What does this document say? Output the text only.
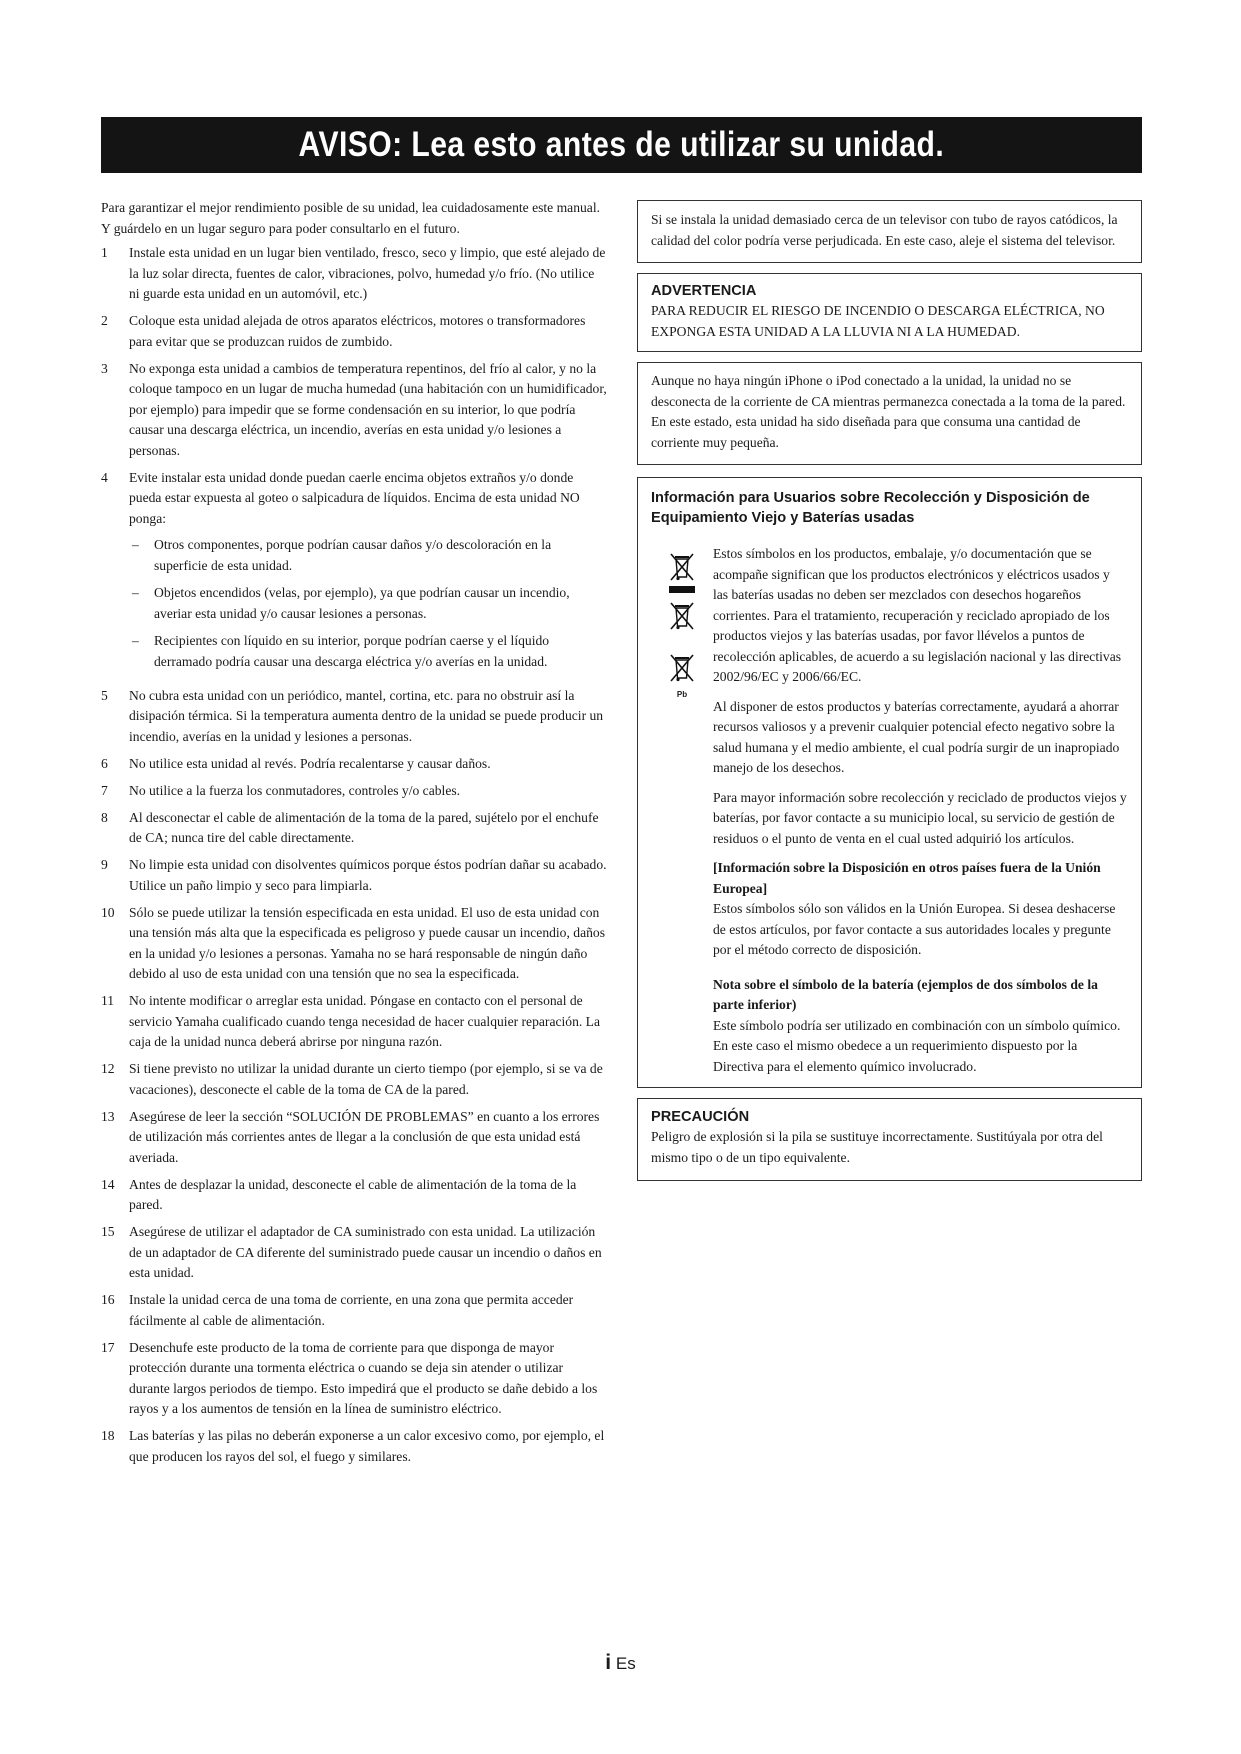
AVISO: Lea esto antes de utilizar su unidad.

Para garantizar el mejor rendimiento posible de su unidad, lea cuidadosamente este manual. Y guárdelo en un lugar seguro para poder consultarlo en el futuro.

1	Instale esta unidad en un lugar bien ventilado, fresco, seco y limpio, que esté alejado de la luz solar directa, fuentes de calor, vibraciones, polvo, humedad y/o frío. (No utilice ni guarde esta unidad en un automóvil, etc.)
2	Coloque esta unidad alejada de otros aparatos eléctricos, motores o transformadores para evitar que se produzcan ruidos de zumbido.
3	No exponga esta unidad a cambios de temperatura repentinos, del frío al calor, y no la coloque tampoco en un lugar de mucha humedad (una habitación con un humidificador, por ejemplo) para impedir que se forme condensación en su interior, lo que podría causar una descarga eléctrica, un incendio, averías en esta unidad y/o lesiones a personas.
4	Evite instalar esta unidad donde puedan caerle encima objetos extraños y/o donde pueda estar expuesta al goteo o salpicadura de líquidos. Encima de esta unidad NO ponga:
–	Otros componentes, porque podrían causar daños y/o descoloración en la superficie de esta unidad.
–	Objetos encendidos (velas, por ejemplo), ya que podrían causar un incendio, averiar esta unidad y/o causar lesiones a personas.
–	Recipientes con líquido en su interior, porque podrían caerse y el líquido derramado podría causar una descarga eléctrica y/o averías en la unidad.
5	No cubra esta unidad con un periódico, mantel, cortina, etc. para no obstruir así la disipación térmica. Si la temperatura aumenta dentro de la unidad se puede producir un incendio, averías en la unidad y lesiones a personas.
6	No utilice esta unidad al revés. Podría recalentarse y causar daños.
7	No utilice a la fuerza los conmutadores, controles y/o cables.
8	Al desconectar el cable de alimentación de la toma de la pared, sujételo por el enchufe de CA; nunca tire del cable directamente.
9	No limpie esta unidad con disolventes químicos porque éstos podrían dañar su acabado. Utilice un paño limpio y seco para limpiarla.
10	Sólo se puede utilizar la tensión especificada en esta unidad. El uso de esta unidad con una tensión más alta que la especificada es peligroso y puede causar un incendio, daños en la unidad y/o lesiones a personas. Yamaha no se hará responsable de ningún daño debido al uso de esta unidad con una tensión que no sea la especificada.
11	No intente modificar o arreglar esta unidad. Póngase en contacto con el personal de servicio Yamaha cualificado cuando tenga necesidad de hacer cualquier reparación. La caja de la unidad nunca deberá abrirse por ninguna razón.
12	Si tiene previsto no utilizar la unidad durante un cierto tiempo (por ejemplo, si se va de vacaciones), desconecte el cable de la toma de CA de la pared.
13	Asegúrese de leer la sección “SOLUCIÓN DE PROBLEMAS” en cuanto a los errores de utilización más corrientes antes de llegar a la conclusión de que esta unidad está averiada.
14	Antes de desplazar la unidad, desconecte el cable de alimentación de la toma de la pared.
15	Asegúrese de utilizar el adaptador de CA suministrado con esta unidad. La utilización de un adaptador de CA diferente del suministrado puede causar un incendio o daños en esta unidad.
16	Instale la unidad cerca de una toma de corriente, en una zona que permita acceder fácilmente al cable de alimentación.
17	Desenchufe este producto de la toma de corriente para que disponga de mayor protección durante una tormenta eléctrica o cuando se deja sin atender o utilizar durante largos periodos de tiempo. Esto impedirá que el producto se dañe debido a los rayos y a los aumentos de tensión en la línea de suministro eléctrico.
18	Las baterías y las pilas no deberán exponerse a un calor excesivo como, por ejemplo, el que producen los rayos del sol, el fuego y similares.
Si se instala la unidad demasiado cerca de un televisor con tubo de rayos catódicos, la calidad del color podría verse perjudicada. En este caso, aleje el sistema del televisor.
ADVERTENCIA
PARA REDUCIR EL RIESGO DE INCENDIO O DESCARGA ELÉCTRICA, NO EXPONGA ESTA UNIDAD A LA LLUVIA NI A LA HUMEDAD.
Aunque no haya ningún iPhone o iPod conectado a la unidad, la unidad no se desconecta de la corriente de CA mientras permanezca conectada a la toma de la pared. En este estado, esta unidad ha sido diseñada para que consuma una cantidad de corriente muy pequeña.
Información para Usuarios sobre Recolección y Disposición de Equipamiento Viejo y Baterías usadas
Pb

Estos símbolos en los productos, embalaje, y/o documentación que se acompañe significan que los productos electrónicos y eléctricos usados y las baterías usadas no deben ser mezclados con desechos hogareños corrientes. Para el tratamiento, recuperación y reciclado apropiado de los productos viejos y las baterías usadas, por favor llévelos a puntos de recolección aplicables, de acuerdo a su legislación nacional y las directivas 2002/96/EC y 2006/66/EC.

Al disponer de estos productos y baterías correctamente, ayudará a ahorrar recursos valiosos y a prevenir cualquier potencial efecto negativo sobre la salud humana y el medio ambiente, el cual podría surgir de un inapropiado manejo de los desechos.

Para mayor información sobre recolección y reciclado de productos viejos y baterías, por favor contacte a su municipio local, su servicio de gestión de residuos o el punto de venta en el cual usted adquirió los artículos.

[Información sobre la Disposición en otros países fuera de la Unión Europea]

Estos símbolos sólo son válidos en la Unión Europea. Si desea deshacerse de estos artículos, por favor contacte a sus autoridades locales y pregunte por el método correcto de disposición.

Nota sobre el símbolo de la batería (ejemplos de dos símbolos de la parte inferior)

Este símbolo podría ser utilizado en combinación con un símbolo químico. En este caso el mismo obedece a un requerimiento dispuesto por la Directiva para el elemento químico involucrado.

PRECAUCIÓN
Peligro de explosión si la pila se sustituye incorrectamente. Sustitúyala por otra del mismo tipo o de un tipo equivalente.
i Es
